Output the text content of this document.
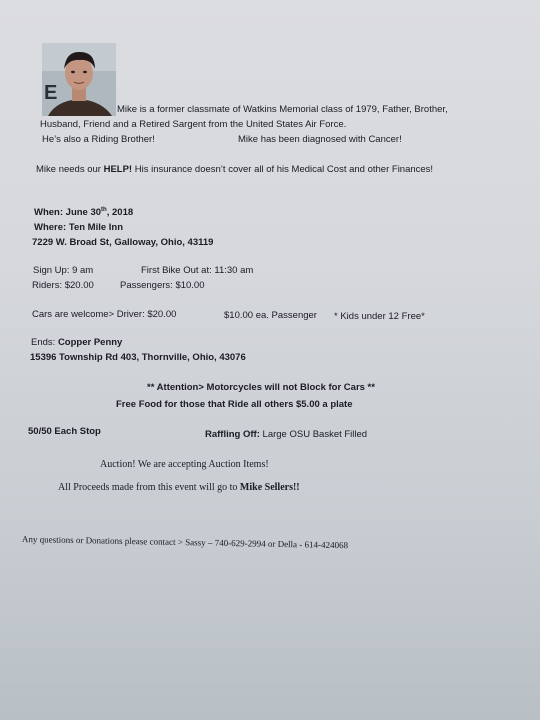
E
Mike is a former classmate of Watkins Memorial class of 1979, Father, Brother,
Husband, Friend and a Retired Sargent from the United States Air Force.
He’s also a Riding Brother!	Mike has been diagnosed with Cancer!
Mike needs our HELP! His insurance doesn’t cover all of his Medical Cost and other Finances!
When: June 30th, 2018
Where: Ten Mile Inn
7229 W. Broad St, Galloway, Ohio, 43119
Sign Up: 9 am	First Bike Out at: 11:30 am
Riders: $20.00	Passengers: $10.00
Cars are welcome> Driver: $20.00	$10.00 ea. Passenger * Kids under 12 Free*
Ends: Copper Penny
15396 Township Rd 403, Thornville, Ohio, 43076
** Attention> Motorcycles will not Block for Cars **
Free Food for those that Ride all others $5.00 a plate
50/50 Each Stop	Raffling Off: Large OSU Basket Filled
Auction! We are accepting Auction Items!
All Proceeds made from this event will go to Mike Sellers!!
Any questions or Donations please contact > Sassy – 740-629-2994 or Della - 614-424068
